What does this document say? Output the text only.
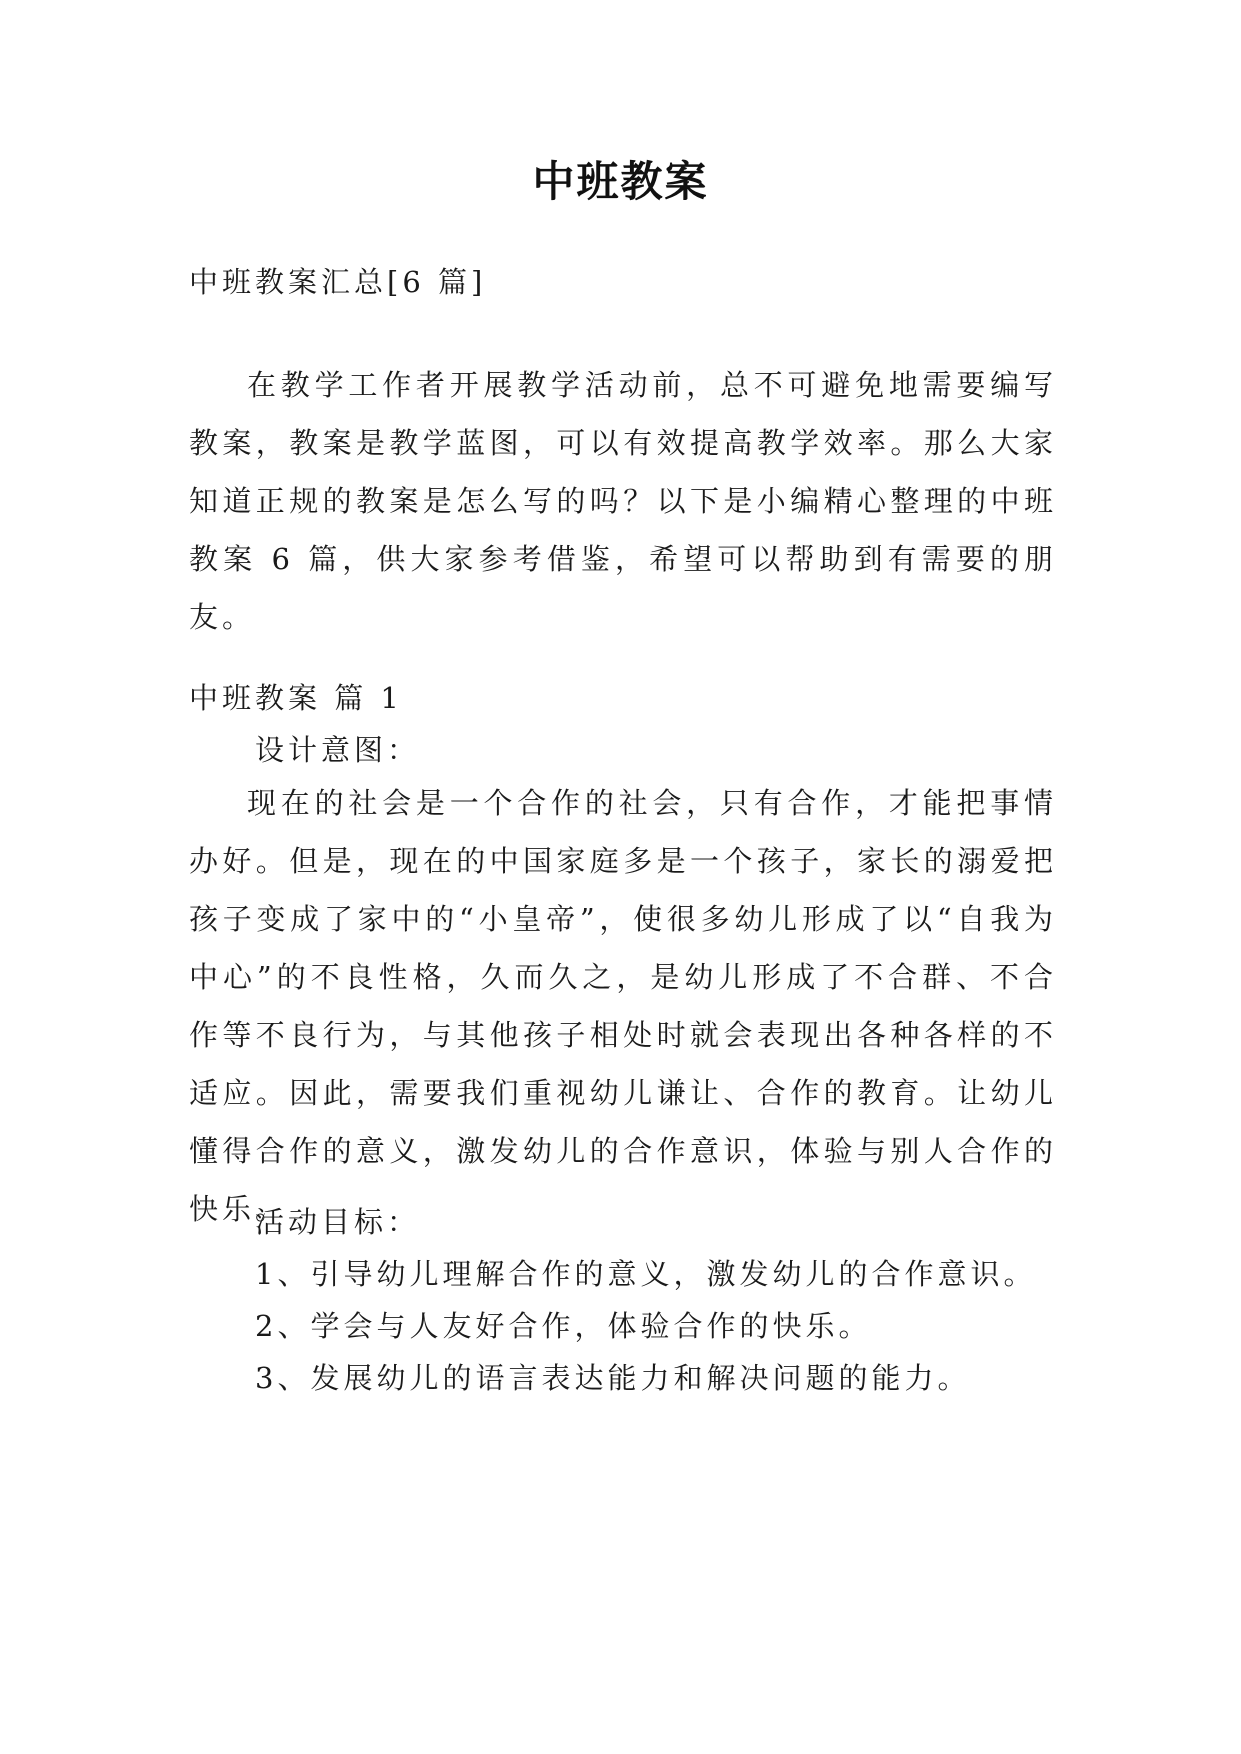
中班教案
中班教案汇总[6 篇]

在教学工作者开展教学活动前，总不可避免地需要编写教案，教案是教学蓝图，可以有效提高教学效率。那么大家知道正规的教案是怎么写的吗？以下是小编精心整理的中班教案 6 篇，供大家参考借鉴，希望可以帮助到有需要的朋友。

中班教案 篇 1
设计意图：

现在的社会是一个合作的社会，只有合作，才能把事情办好。但是，现在的中国家庭多是一个孩子，家长的溺爱把孩子变成了家中的“小皇帝”，使很多幼儿形成了以“自我为中心”的不良性格，久而久之，是幼儿形成了不合群、不合作等不良行为，与其他孩子相处时就会表现出各种各样的不适应。因此，需要我们重视幼儿谦让、合作的教育。让幼儿懂得合作的意义，激发幼儿的合作意识，体验与别人合作的快乐。

活动目标：
1、引导幼儿理解合作的意义，激发幼儿的合作意识。
2、学会与人友好合作，体验合作的快乐。
3、发展幼儿的语言表达能力和解决问题的能力。
